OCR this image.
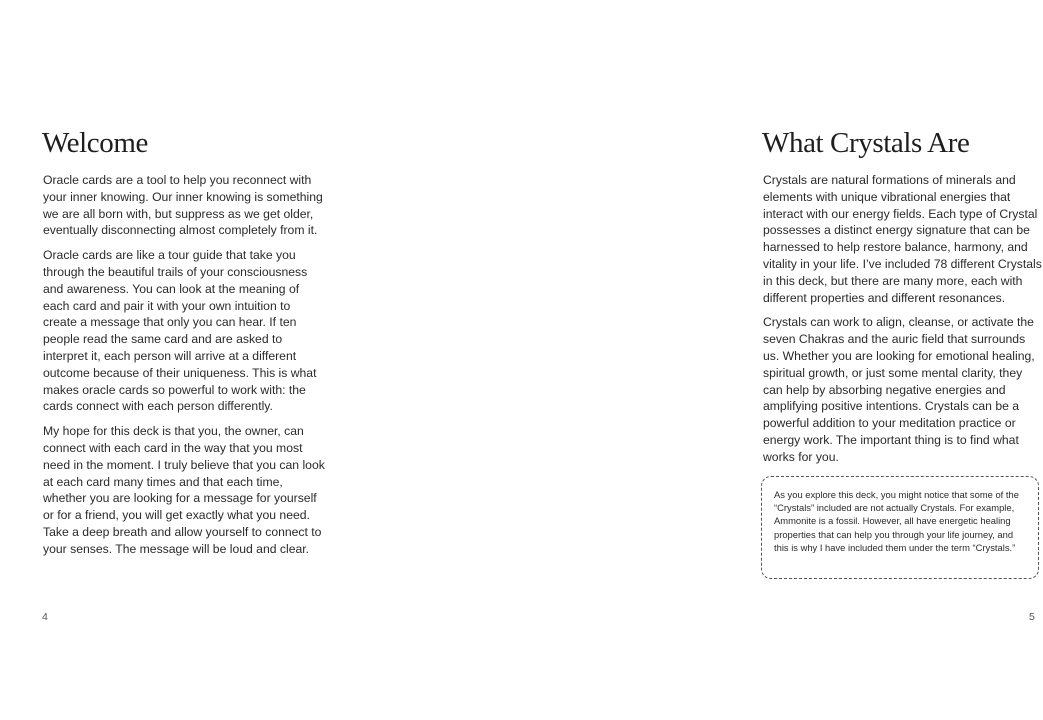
Welcome

Oracle cards are a tool to help you reconnect with your inner knowing. Our inner knowing is something we are all born with, but suppress as we get older, eventually disconnecting almost completely from it.

Oracle cards are like a tour guide that take you through the beautiful trails of your consciousness and awareness. You can look at the meaning of each card and pair it with your own intuition to create a message that only you can hear. If ten people read the same card and are asked to interpret it, each person will arrive at a different outcome because of their uniqueness. This is what makes oracle cards so powerful to work with: the cards connect with each person differently.

My hope for this deck is that you, the owner, can connect with each card in the way that you most need in the moment. I truly believe that you can look at each card many times and that each time, whether you are looking for a message for yourself or for a friend, you will get exactly what you need. Take a deep breath and allow yourself to connect to your senses. The message will be loud and clear.

4
What Crystals Are

Crystals are natural formations of minerals and elements with unique vibrational energies that interact with our energy fields. Each type of Crystal possesses a distinct energy signature that can be harnessed to help restore balance, harmony, and vitality in your life. I’ve included 78 different Crystals in this deck, but there are many more, each with different properties and different resonances.

Crystals can work to align, cleanse, or activate the seven Chakras and the auric field that surrounds us. Whether you are looking for emotional healing, spiritual growth, or just some mental clarity, they can help by absorbing negative energies and amplifying positive intentions. Crystals can be a powerful addition to your meditation practice or energy work. The important thing is to find what works for you.

As you explore this deck, you might notice that some of the “Crystals” included are not actually Crystals. For example, Ammonite is a fossil. However, all have energetic healing properties that can help you through your life journey, and this is why I have included them under the term “Crystals.”
5
